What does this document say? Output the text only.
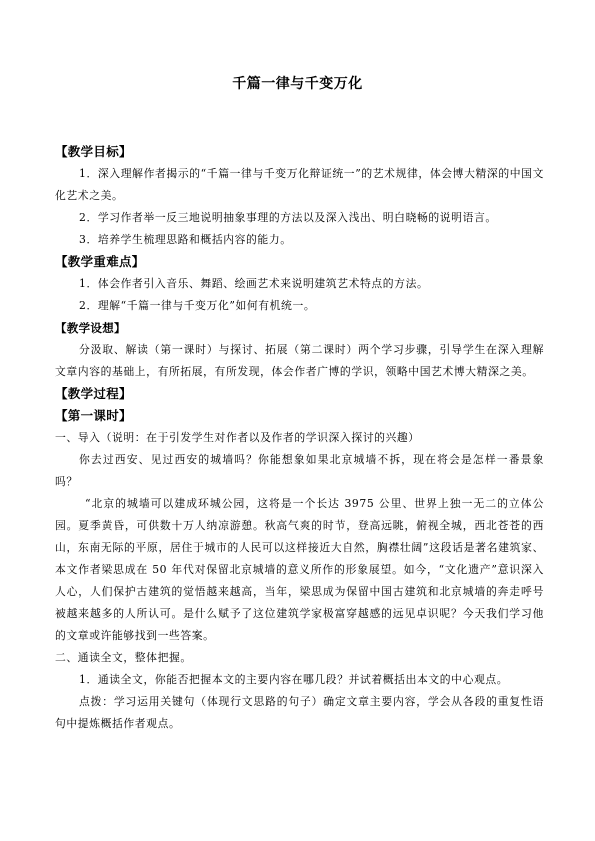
千篇一律与千变万化
【教学目标】

1．深入理解作者揭示的“千篇一律与千变万化辩证统一”的艺术规律，体会博大精深的中国文化艺术之美。

2．学习作者举一反三地说明抽象事理的方法以及深入浅出、明白晓畅的说明语言。

3．培养学生梳理思路和概括内容的能力。

【教学重难点】

1．体会作者引入音乐、舞蹈、绘画艺术来说明建筑艺术特点的方法。

2．理解“千篇一律与千变万化”如何有机统一。

【教学设想】

分汲取、解读（第一课时）与探讨、拓展（第二课时）两个学习步骤，引导学生在深入理解文章内容的基础上，有所拓展，有所发现，体会作者广博的学识，领略中国艺术博大精深之美。

【教学过程】
【第一课时】

一、导入（说明：在于引发学生对作者以及作者的学识深入探讨的兴趣）

你去过西安、见过西安的城墙吗？你能想象如果北京城墙不拆，现在将会是怎样一番景象吗？

“北京的城墙可以建成环城公园，这将是一个长达 3975 公里、世界上独一无二的立体公园。夏季黄昏，可供数十万人纳凉游憩。秋高气爽的时节，登高远眺，俯视全城，西北苍苍的西山，东南无际的平原，居住于城市的人民可以这样接近大自然，胸襟壮阔”这段话是著名建筑家、本文作者梁思成在 50 年代对保留北京城墙的意义所作的形象展望。如今，“文化遗产”意识深入人心，人们保护古建筑的觉悟越来越高，当年，梁思成为保留中国古建筑和北京城墙的奔走呼号被越来越多的人所认可。是什么赋予了这位建筑学家极富穿越感的远见卓识呢？今天我们学习他的文章或许能够找到一些答案。

二、通读全文，整体把握。

1．通读全文，你能否把握本文的主要内容在哪几段？并试着概括出本文的中心观点。

点拨：学习运用关键句（体现行文思路的句子）确定文章主要内容，学会从各段的重复性语句中提炼概括作者观点。
